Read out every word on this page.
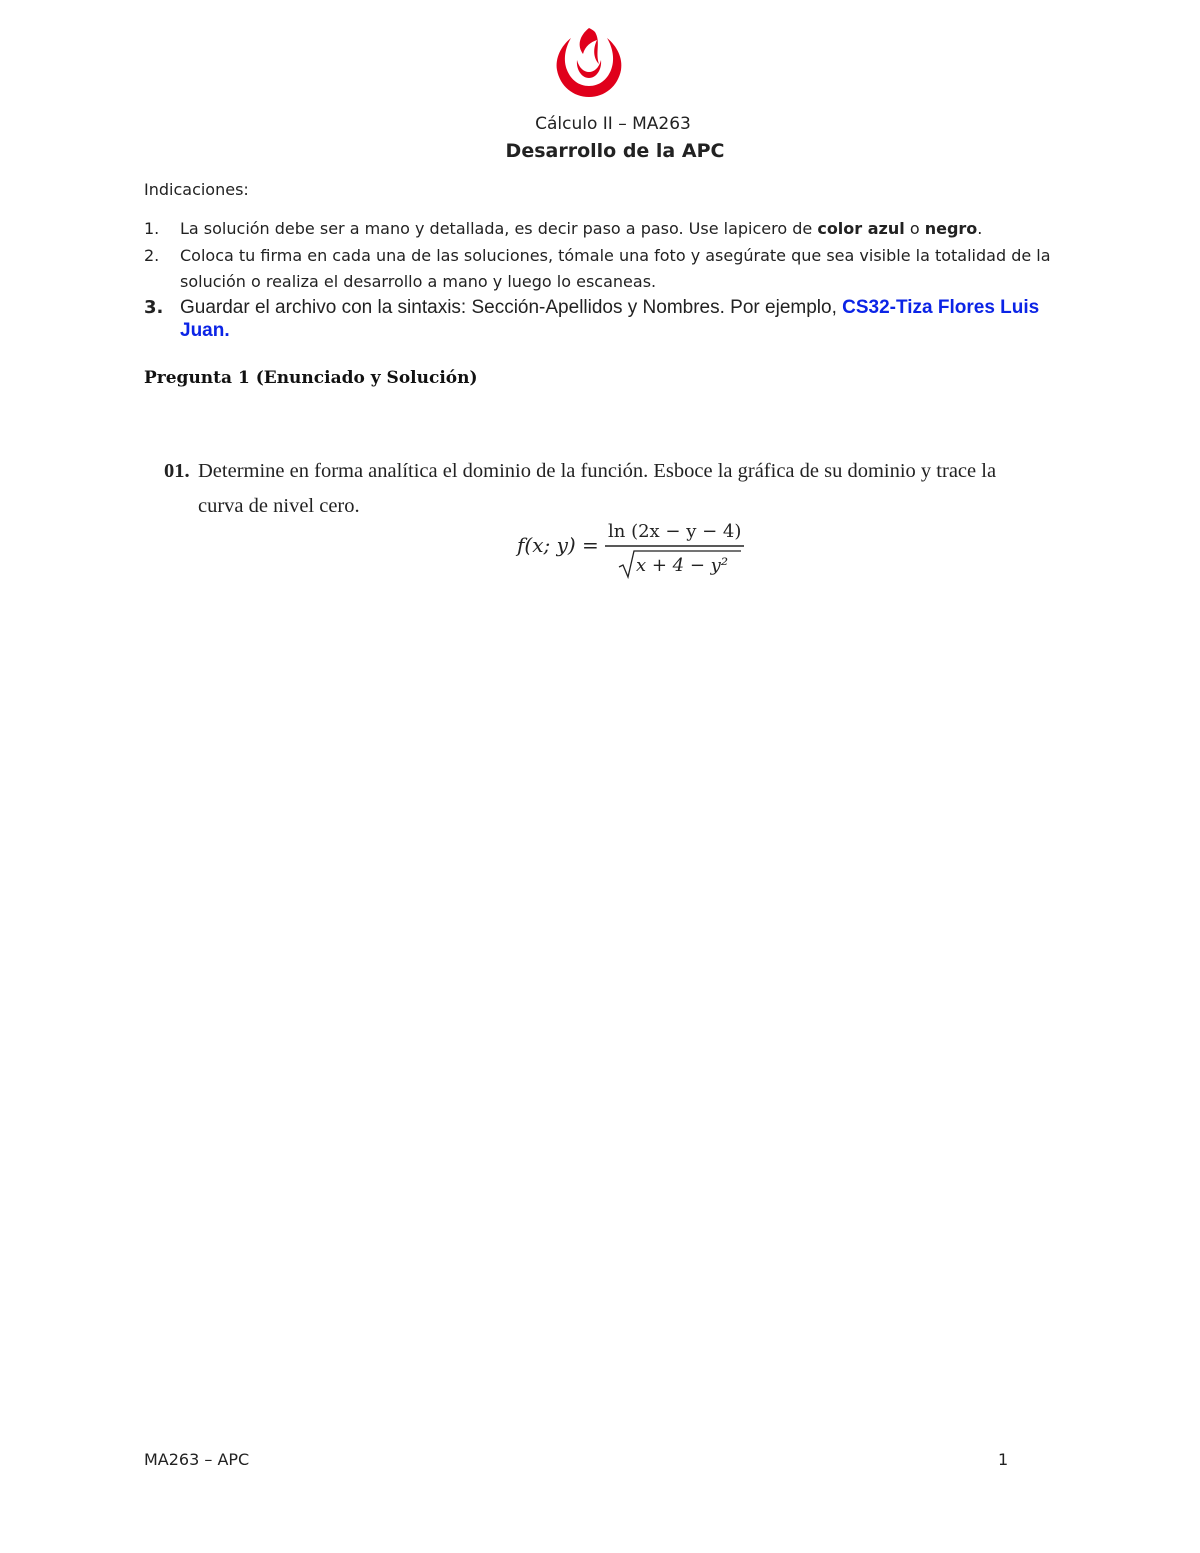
Cálculo II – MA263
Desarrollo de la APC
Indicaciones:
1. La solución debe ser a mano y detallada, es decir paso a paso. Use lapicero de color azul o negro.
2. Coloca tu firma en cada una de las soluciones, tómale una foto y asegúrate que sea visible la totalidad de la solución o realiza el desarrollo a mano y luego lo escaneas.
3. Guardar el archivo con la sintaxis: Sección-Apellidos y Nombres. Por ejemplo, CS32-Tiza Flores Luis Juan.
Pregunta 1 (Enunciado y Solución)
01. Determine en forma analítica el dominio de la función. Esboce la gráfica de su dominio y trace la
curva de nivel cero.
f(x; y) =
ln (2x − y − 4)
x + 4 − y²
MA263 – APC	1
